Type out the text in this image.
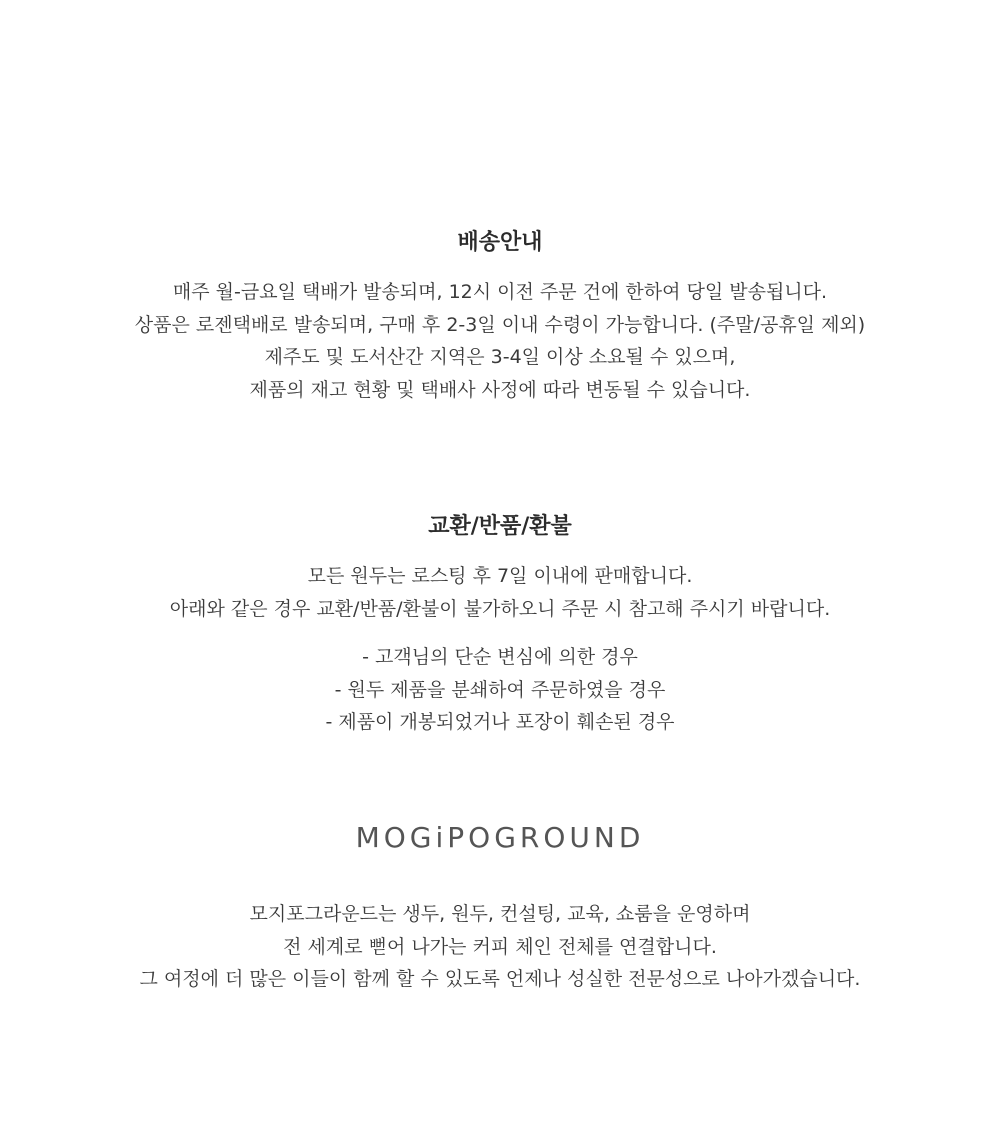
배송안내

매주 월-금요일 택배가 발송되며, 12시 이전 주문 건에 한하여 당일 발송됩니다.

상품은 로젠택배로 발송되며, 구매 후 2-3일 이내 수령이 가능합니다. (주말/공휴일 제외)

제주도 및 도서산간 지역은 3-4일 이상 소요될 수 있으며,

제품의 재고 현황 및 택배사 사정에 따라 변동될 수 있습니다.

교환/반품/환불

모든 원두는 로스팅 후 7일 이내에 판매합니다.

아래와 같은 경우 교환/반품/환불이 불가하오니 주문 시 참고해 주시기 바랍니다.

- 고객님의 단순 변심에 의한 경우

- 원두 제품을 분쇄하여 주문하였을 경우

- 제품이 개봉되었거나 포장이 훼손된 경우

MOGiPOGROUND

모지포그라운드는 생두, 원두, 컨설팅, 교육, 쇼룸을 운영하며

전 세계로 뻗어 나가는 커피 체인 전체를 연결합니다.

그 여정에 더 많은 이들이 함께 할 수 있도록 언제나 성실한 전문성으로 나아가겠습니다.
